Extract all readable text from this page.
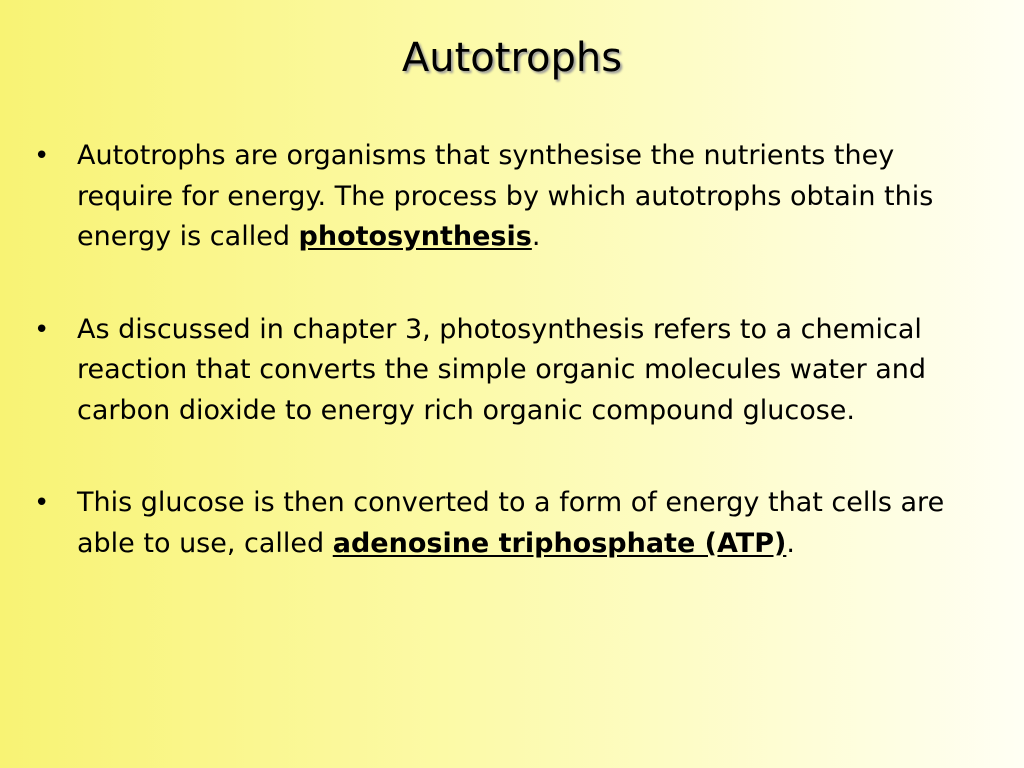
Autotrophs
•	Autotrophs are organisms that synthesise the nutrients they require for energy. The process by which autotrophs obtain this energy is called photosynthesis.
•	As discussed in chapter 3, photosynthesis refers to a chemical reaction that converts the simple organic molecules water and carbon dioxide to energy rich organic compound glucose.
•	This glucose is then converted to a form of energy that cells are able to use, called adenosine triphosphate (ATP).
